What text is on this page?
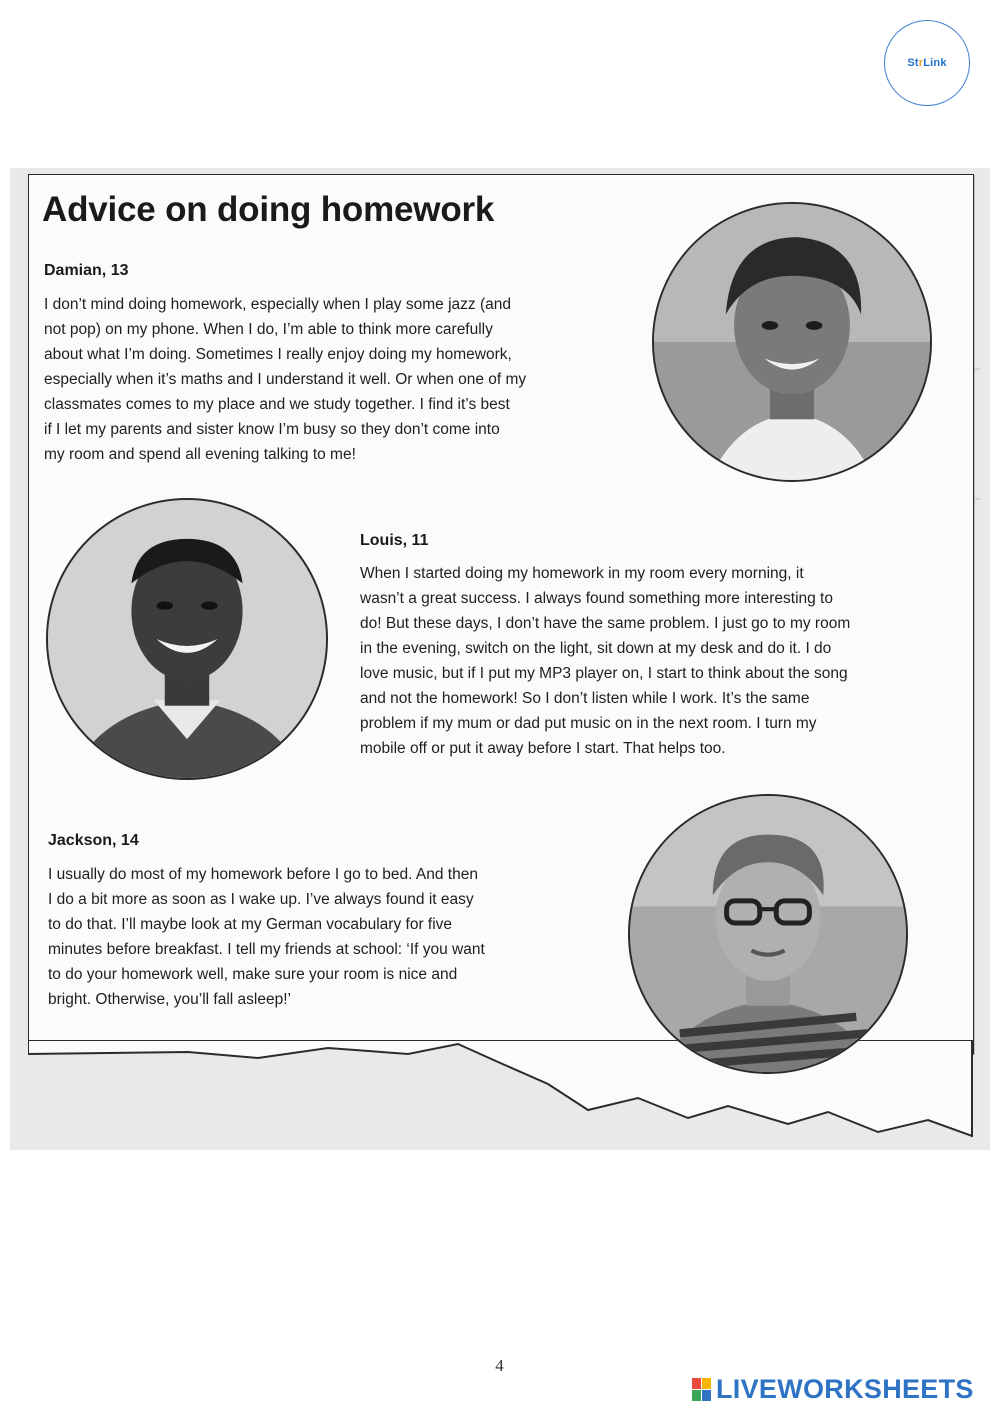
StrLink
Advice on doing homework
Damian, 13
I don’t mind doing homework, especially when I play some jazz (and
not pop) on my phone. When I do, I’m able to think more carefully
about what I’m doing. Sometimes I really enjoy doing my homework,
especially when it’s maths and I understand it well. Or when one of my
classmates comes to my place and we study together. I find it’s best
if I let my parents and sister know I’m busy so they don’t come into
my room and spend all evening talking to me!
Louis, 11
When I started doing my homework in my room every morning, it
wasn’t a great success. I always found something more interesting to
do! But these days, I don’t have the same problem. I just go to my room
in the evening, switch on the light, sit down at my desk and do it. I do
love music, but if I put my MP3 player on, I start to think about the song
and not the homework! So I don’t listen while I work. It’s the same
problem if my mum or dad put music on in the next room. I turn my
mobile off or put it away before I start. That helps too.
Jackson, 14
I usually do most of my homework before I go to bed. And then
I do a bit more as soon as I wake up. I’ve always found it easy
to do that. I’ll maybe look at my German vocabulary for five
minutes before breakfast. I tell my friends at school: ‘If you want
to do your homework well, make sure your room is nice and
bright. Otherwise, you’ll fall asleep!’
4
LIVEWORKSHEETS
